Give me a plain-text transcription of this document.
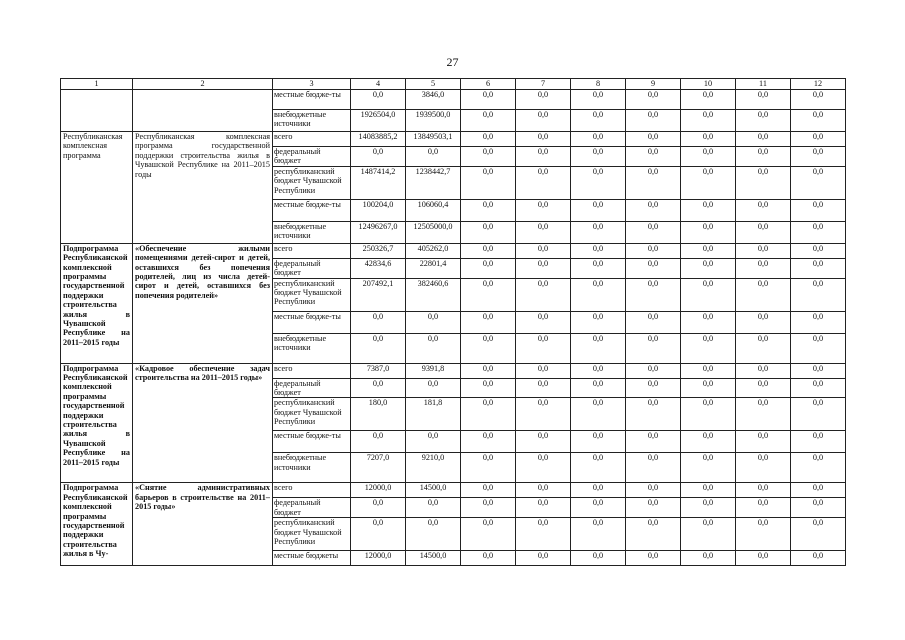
27
1	2	3	4	5	6	7	8	9	10	11	12
		местные бюдже-ты	0,0	3846,0	0,0	0,0	0,0	0,0	0,0	0,0	0,0
		внебюджетные источники	1926504,0	1939500,0	0,0	0,0	0,0	0,0	0,0	0,0	0,0
Республиканская комплексная программа	Республиканская комплексная программа государственной поддержки строительства жилья в Чувашской Республике на 2011–2015 годы	всего	14083885,2	13849503,1	0,0	0,0	0,0	0,0	0,0	0,0	0,0
		федеральный бюджет	0,0	0,0	0,0	0,0	0,0	0,0	0,0	0,0	0,0
		республиканский бюджет Чувашской Республики	1487414,2	1238442,7	0,0	0,0	0,0	0,0	0,0	0,0	0,0
		местные бюдже-ты	100204,0	106060,4	0,0	0,0	0,0	0,0	0,0	0,0	0,0
		внебюджетные источники	12496267,0	12505000,0	0,0	0,0	0,0	0,0	0,0	0,0	0,0
Подпрограмма Республиканской комплексной программы государственной поддержки строительства жилья в Чувашской Республике на 2011–2015 годы	«Обеспечение жилыми помещениями детей-сирот и детей, оставшихся без попечения родителей, лиц из числа детей-сирот и детей, оставшихся без попечения родителей»	всего	250326,7	405262,0	0,0	0,0	0,0	0,0	0,0	0,0	0,0
		федеральный бюджет	42834,6	22801,4	0,0	0,0	0,0	0,0	0,0	0,0	0,0
		республиканский бюджет Чувашской Республики	207492,1	382460,6	0,0	0,0	0,0	0,0	0,0	0,0	0,0
		местные бюдже-ты	0,0	0,0	0,0	0,0	0,0	0,0	0,0	0,0	0,0
		внебюджетные источники	0,0	0,0	0,0	0,0	0,0	0,0	0,0	0,0	0,0
Подпрограмма Республиканской комплексной программы государственной поддержки строительства жилья в Чувашской Республике на 2011–2015 годы	«Кадровое обеспечение задач строительства на 2011–2015 годы»	всего	7387,0	9391,8	0,0	0,0	0,0	0,0	0,0	0,0	0,0
		федеральный бюджет	0,0	0,0	0,0	0,0	0,0	0,0	0,0	0,0	0,0
		республиканский бюджет Чувашской Республики	180,0	181,8	0,0	0,0	0,0	0,0	0,0	0,0	0,0
		местные бюдже-ты	0,0	0,0	0,0	0,0	0,0	0,0	0,0	0,0	0,0
		внебюджетные источники	7207,0	9210,0	0,0	0,0	0,0	0,0	0,0	0,0	0,0
Подпрограмма Республиканской комплексной программы государственной поддержки строительства жилья в Чу-	«Снятие административных барьеров в строительстве на 2011–2015 годы»	всего	12000,0	14500,0	0,0	0,0	0,0	0,0	0,0	0,0	0,0
		федеральный бюджет	0,0	0,0	0,0	0,0	0,0	0,0	0,0	0,0	0,0
		республиканский бюджет Чувашской Республики	0,0	0,0	0,0	0,0	0,0	0,0	0,0	0,0	0,0
		местные бюджеты	12000,0	14500,0	0,0	0,0	0,0	0,0	0,0	0,0	0,0
